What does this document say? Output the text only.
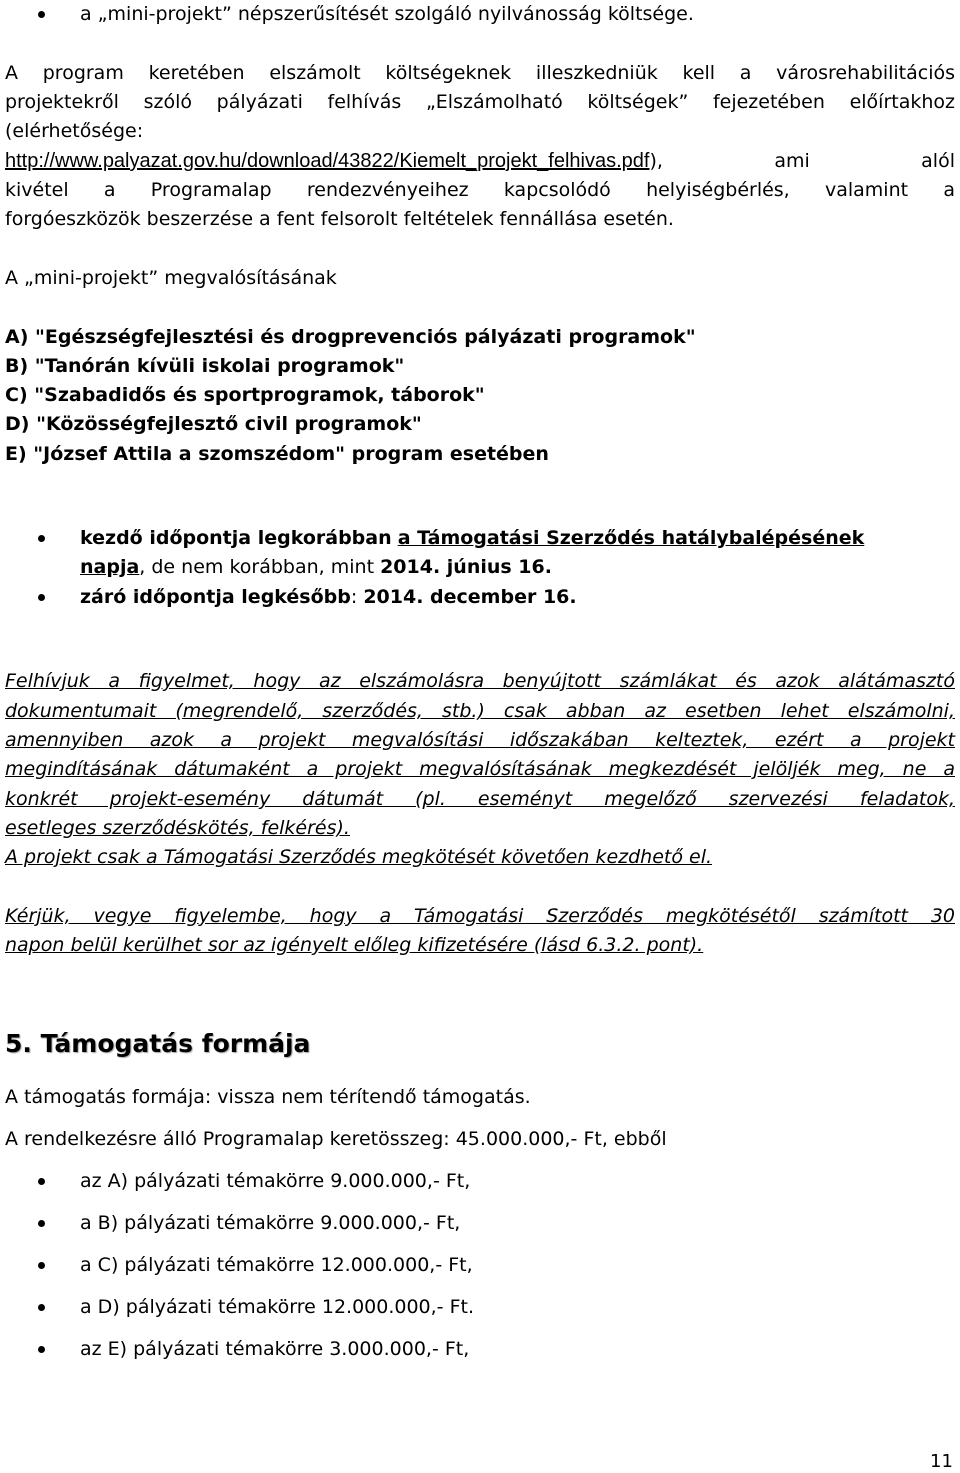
a „mini-projekt” népszerűsítését szolgáló nyilvánosság költsége.
A program keretében elszámolt költségeknek illeszkedniük kell a városrehabilitációs
projektekről szóló pályázati felhívás „Elszámolható költségek” fejezetében előírtakhoz
(elérhetősége:
http://www.palyazat.gov.hu/download/43822/Kiemelt_projekt_felhivas.pdf), ami alól
kivétel a Programalap rendezvényeihez kapcsolódó helyiségbérlés, valamint a
forgóeszközök beszerzése a fent felsorolt feltételek fennállása esetén.
A „mini-projekt” megvalósításának
A) "Egészségfejlesztési és drogprevenciós pályázati programok"
B) "Tanórán kívüli iskolai programok"
C) "Szabadidős és sportprogramok, táborok"
D) "Közösségfejlesztő civil programok"
E) "József Attila a szomszédom" program esetében
kezdő időpontja legkorábban a Támogatási Szerződés hatálybalépésének
napja, de nem korábban, mint 2014. június 16.
záró időpontja legkésőbb: 2014. december 16.
Felhívjuk a figyelmet, hogy az elszámolásra benyújtott számlákat és azok alátámasztó
dokumentumait (megrendelő, szerződés, stb.) csak abban az esetben lehet elszámolni,
amennyiben azok a projekt megvalósítási időszakában kelteztek, ezért a projekt
megindításának dátumaként a projekt megvalósításának megkezdését jelöljék meg, ne a
konkrét projekt-esemény dátumát (pl. eseményt megelőző szervezési feladatok,
esetleges szerződéskötés, felkérés).
A projekt csak a Támogatási Szerződés megkötését követően kezdhető el.
Kérjük, vegye figyelembe, hogy a Támogatási Szerződés megkötésétől számított 30
napon belül kerülhet sor az igényelt előleg kifizetésére (lásd 6.3.2. pont).
5. Támogatás formája
A támogatás formája: vissza nem térítendő támogatás.
A rendelkezésre álló Programalap keretösszeg: 45.000.000,- Ft, ebből
az A) pályázati témakörre 9.000.000,- Ft,
a B) pályázati témakörre 9.000.000,- Ft,
a C) pályázati témakörre 12.000.000,- Ft,
a D) pályázati témakörre 12.000.000,- Ft.
az E) pályázati témakörre 3.000.000,- Ft,
11
